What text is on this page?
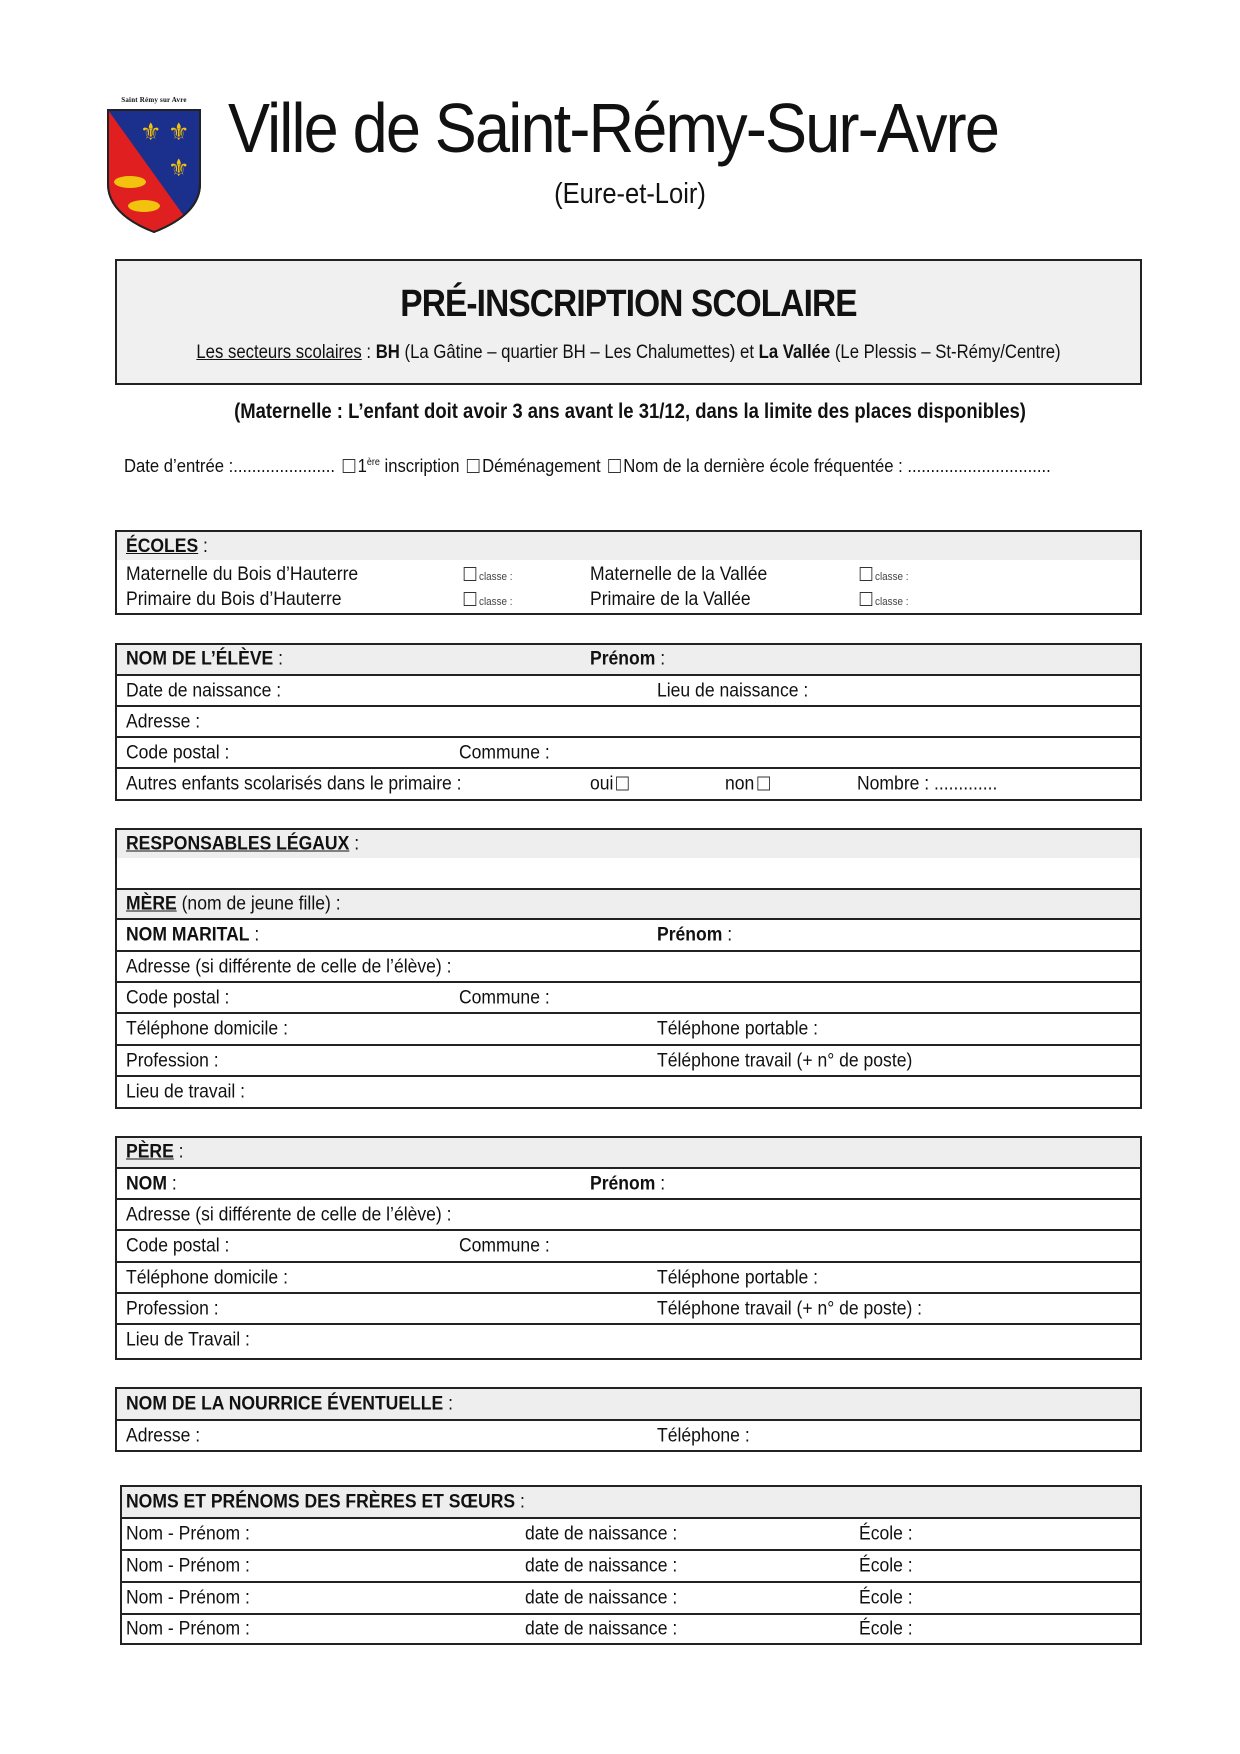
Saint Rémy sur Avre
⚜ ⚜
⚜
Ville de Saint-Rémy-Sur-Avre
(Eure-et-Loir)
PRÉ-INSCRIPTION SCOLAIRE
Les secteurs scolaires : BH (La Gâtine – quartier BH – Les Chalumettes) et La Vallée (Le Plessis – St-Rémy/Centre)
(Maternelle : L’enfant doit avoir 3 ans avant le 31/12, dans la limite des places disponibles)
Date d’entrée :...................... 1ère inscription Déménagement Nom de la dernière école fréquentée : ...............................
ÉCOLES :
Maternelle du Bois d’Hauterre	classe :	Maternelle de la Vallée	classe :
Primaire du Bois d’Hauterre	classe :	Primaire de la Vallée	classe :
NOM DE L’ÉLÈVE :	Prénom :
Date de naissance :	Lieu de naissance :
Adresse :
Code postal :	Commune :
Autres enfants scolarisés dans le primaire :	oui	non	Nombre : .............
RESPONSABLES LÉGAUX :
MÈRE (nom de jeune fille) :
NOM MARITAL :	Prénom :
Adresse (si différente de celle de l’élève) :
Code postal :	Commune :
Téléphone domicile :	Téléphone portable :
Profession :	Téléphone travail (+ n° de poste)
Lieu de travail :
PÈRE :
NOM :	Prénom :
Adresse (si différente de celle de l’élève) :
Code postal :	Commune :
Téléphone domicile :	Téléphone portable :
Profession :	Téléphone travail (+ n° de poste) :
Lieu de Travail :
NOM DE LA NOURRICE ÉVENTUELLE :
Adresse :	Téléphone :
NOMS ET PRÉNOMS DES FRÈRES ET SŒURS :
Nom - Prénom :	date de naissance :	École :
Nom - Prénom :	date de naissance :	École :
Nom - Prénom :	date de naissance :	École :
Nom - Prénom :	date de naissance :	École :
